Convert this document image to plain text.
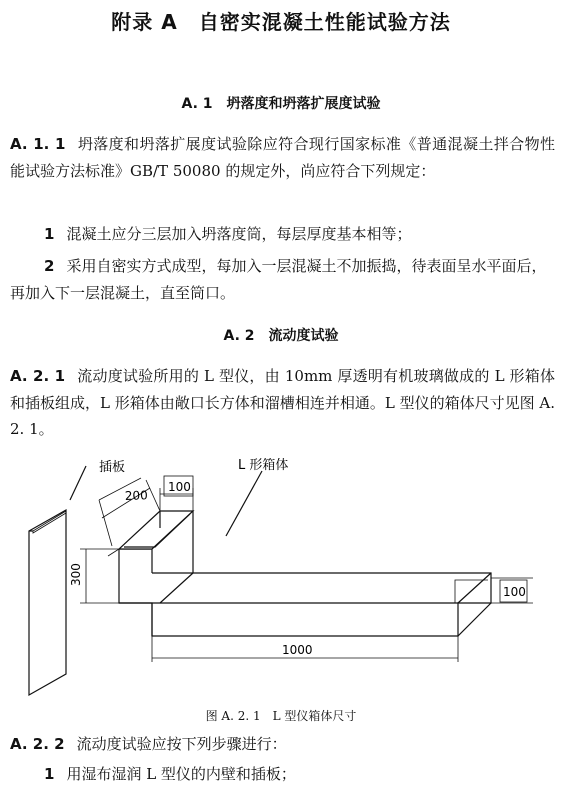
附录 A　自密实混凝土性能试验方法
A. 1　坍落度和坍落扩展度试验
A. 1. 1 坍落度和坍落扩展度试验除应符合现行国家标准《普通混凝土拌合物性能试验方法标准》GB/T 50080 的规定外，尚应符合下列规定：
1 混凝土应分三层加入坍落度筒，每层厚度基本相等；
2 采用自密实方式成型，每加入一层混凝土不加振捣，待表面呈水平面后，再加入下一层混凝土，直至筒口。
A. 2　流动度试验
A. 2. 1 流动度试验所用的 L 型仪，由 10mm 厚透明有机玻璃做成的 L 形箱体和插板组成，L 形箱体由敞口长方体和溜槽相连并相通。L 型仪的箱体尺寸见图 A. 2. 1。
插板	L 形箱体
200
100
300
100
1000
图 A. 2. 1　L 型仪箱体尺寸
A. 2. 2 流动度试验应按下列步骤进行：
1 用湿布湿润 L 型仪的内壁和插板；
